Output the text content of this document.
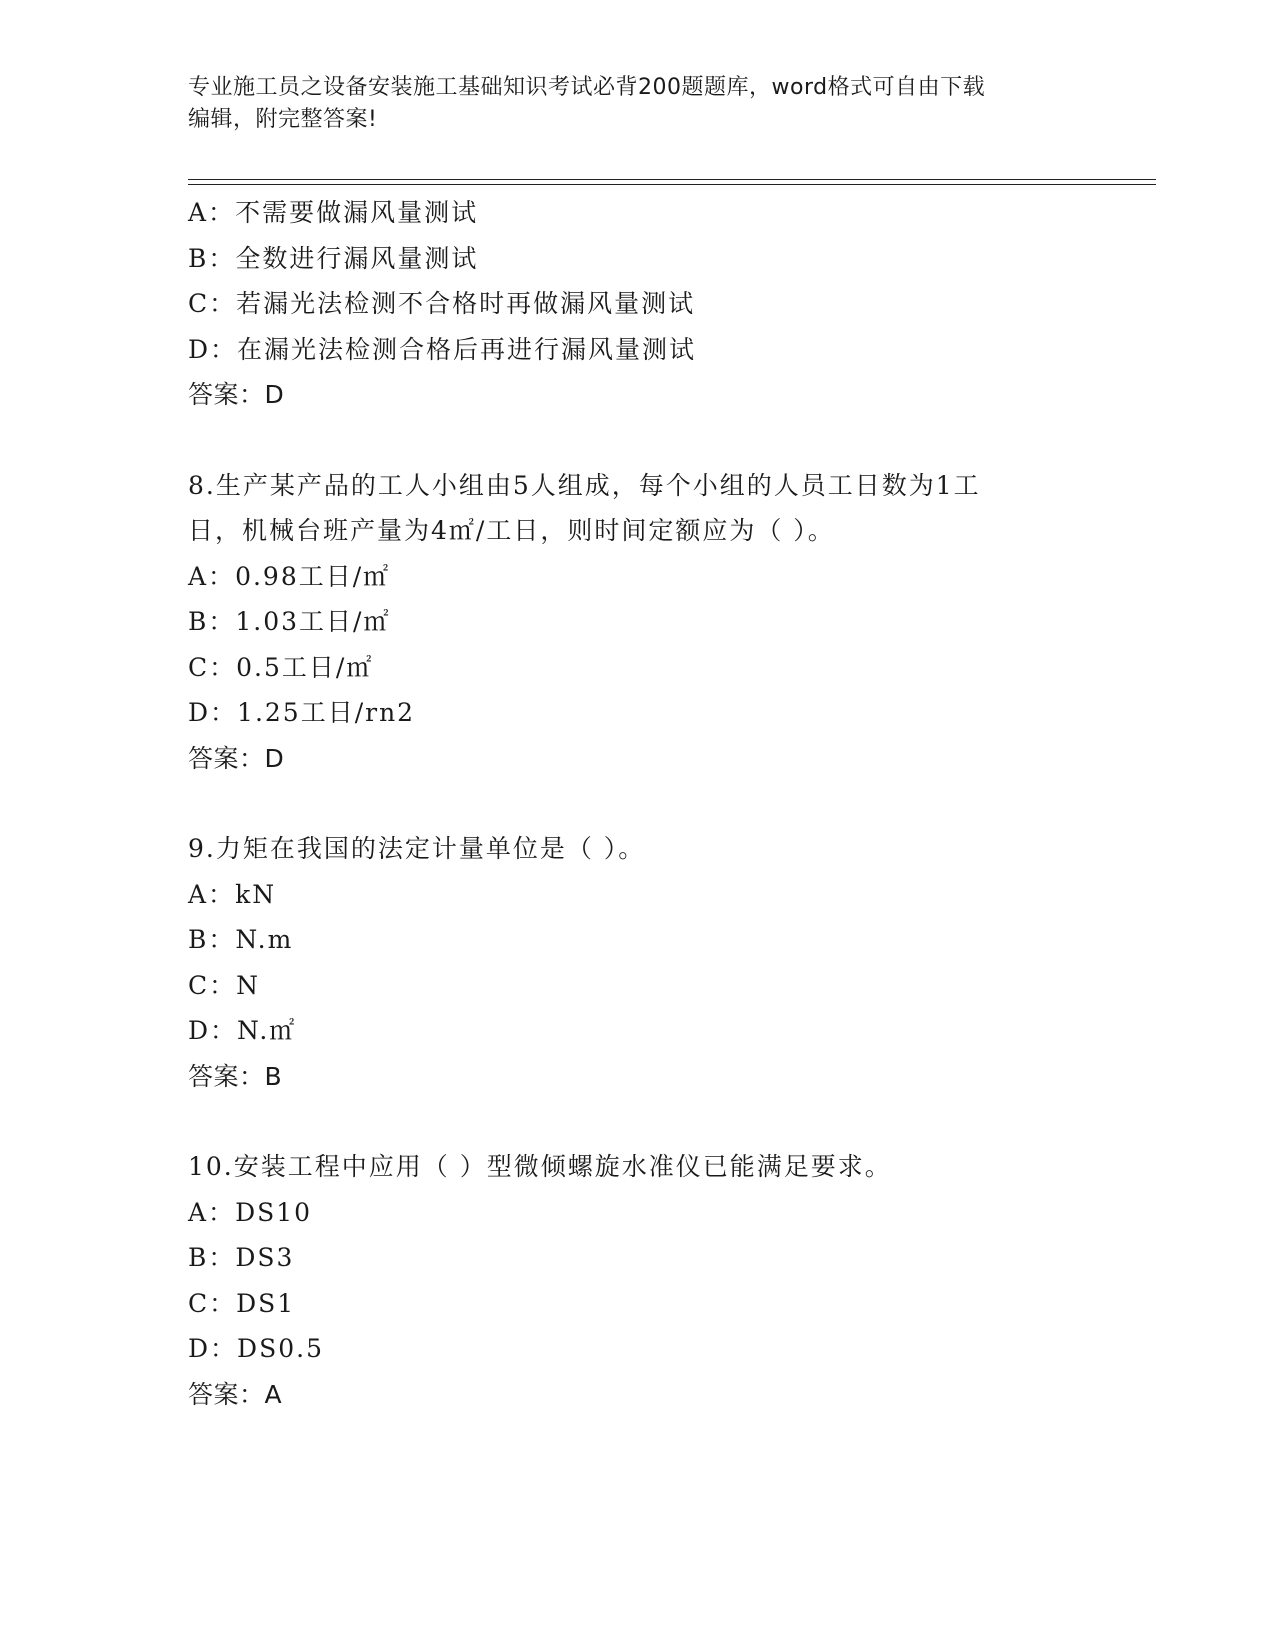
专业施工员之设备安装施工基础知识考试必背200题题库，word格式可自由下载
编辑，附完整答案!
A：不需要做漏风量测试
B：全数进行漏风量测试
C：若漏光法检测不合格时再做漏风量测试
D：在漏光法检测合格后再进行漏风量测试
答案：D
8.生产某产品的工人小组由5人组成，每个小组的人员工日数为1工
日，机械台班产量为4㎡/工日，则时间定额应为（ ）。
A：0.98工日/㎡
B：1.03工日/㎡
C：0.5工日/㎡
D：1.25工日/rn2
答案：D
9.力矩在我国的法定计量单位是（ ）。
A：kN
B：N.m
C：N
D：N.㎡
答案：B
10.安装工程中应用（ ）型微倾螺旋水准仪已能满足要求。
A：DS10
B：DS3
C：DS1
D：DS0.5
答案：A
